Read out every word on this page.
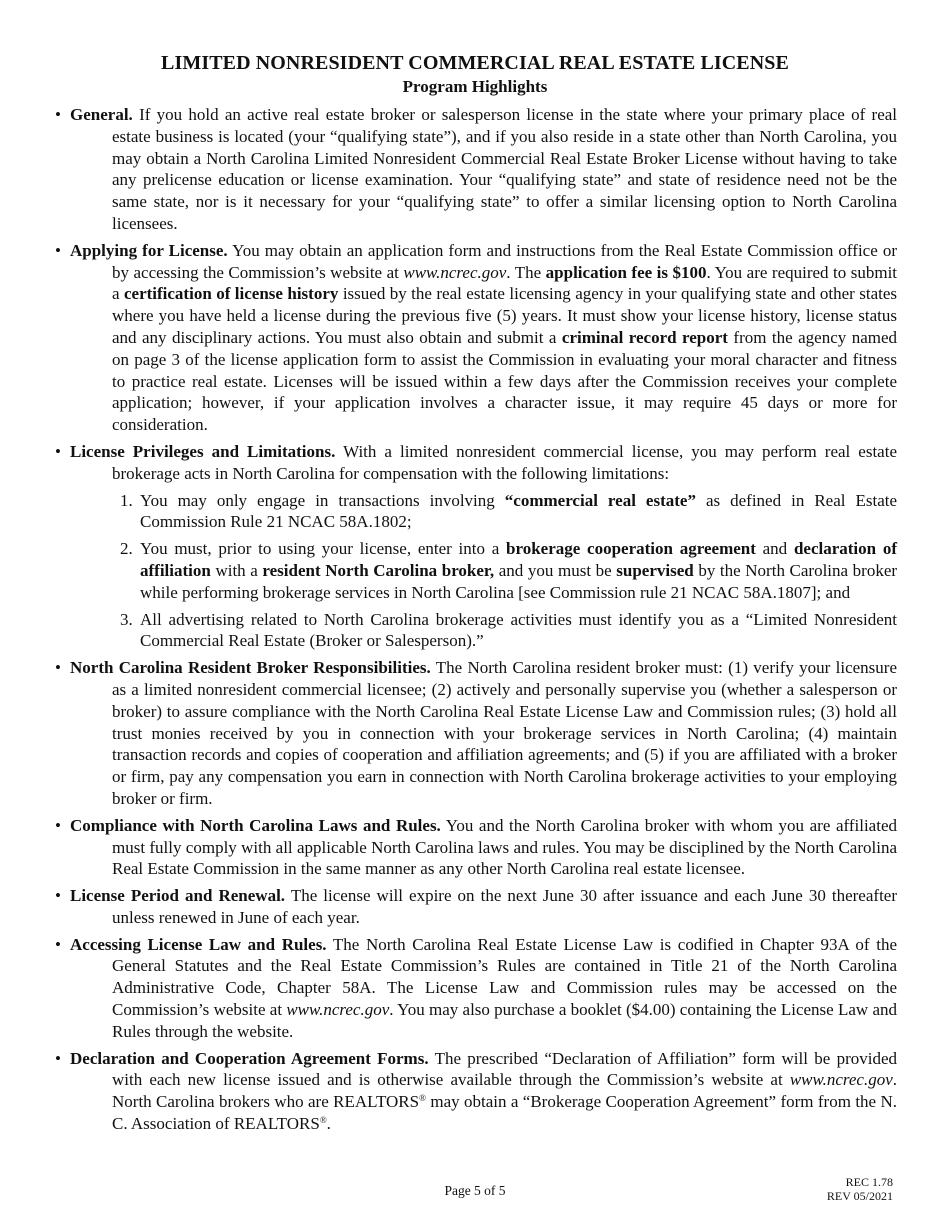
LIMITED NONRESIDENT COMMERCIAL REAL ESTATE LICENSE
Program Highlights
• General. If you hold an active real estate broker or salesperson license in the state where your primary place of real estate business is located (your “qualifying state”), and if you also reside in a state other than North Carolina, you may obtain a North Carolina Limited Nonresident Commercial Real Estate Broker License without having to take any prelicense education or license examination. Your “qualifying state” and state of residence need not be the same state, nor is it necessary for your “qualifying state” to offer a similar licensing option to North Carolina licensees.
• Applying for License. You may obtain an application form and instructions from the Real Estate Commission office or by accessing the Commission’s website at www.ncrec.gov. The application fee is $100. You are required to submit a certification of license history issued by the real estate licensing agency in your qualifying state and other states where you have held a license during the previous five (5) years. It must show your license history, license status and any disciplinary actions. You must also obtain and submit a criminal record report from the agency named on page 3 of the license application form to assist the Commission in evaluating your moral character and fitness to practice real estate. Licenses will be issued within a few days after the Commission receives your complete application; however, if your application involves a character issue, it may require 45 days or more for consideration.
• License Privileges and Limitations. With a limited nonresident commercial license, you may perform real estate brokerage acts in North Carolina for compensation with the following limitations:
1. You may only engage in transactions involving “commercial real estate” as defined in Real Estate Commission Rule 21 NCAC 58A.1802;
2. You must, prior to using your license, enter into a brokerage cooperation agreement and declaration of affiliation with a resident North Carolina broker, and you must be supervised by the North Carolina broker while performing brokerage services in North Carolina [see Commission rule 21 NCAC 58A.1807]; and
3. All advertising related to North Carolina brokerage activities must identify you as a “Limited Nonresident Commercial Real Estate (Broker or Salesperson).”
• North Carolina Resident Broker Responsibilities. The North Carolina resident broker must: (1) verify your licensure as a limited nonresident commercial licensee; (2) actively and personally supervise you (whether a salesperson or broker) to assure compliance with the North Carolina Real Estate License Law and Commission rules; (3) hold all trust monies received by you in connection with your brokerage services in North Carolina; (4) maintain transaction records and copies of cooperation and affiliation agreements; and (5) if you are affiliated with a broker or firm, pay any compensation you earn in connection with North Carolina brokerage activities to your employing broker or firm.
• Compliance with North Carolina Laws and Rules. You and the North Carolina broker with whom you are affiliated must fully comply with all applicable North Carolina laws and rules. You may be disciplined by the North Carolina Real Estate Commission in the same manner as any other North Carolina real estate licensee.
• License Period and Renewal. The license will expire on the next June 30 after issuance and each June 30 thereafter unless renewed in June of each year.
• Accessing License Law and Rules. The North Carolina Real Estate License Law is codified in Chapter 93A of the General Statutes and the Real Estate Commission’s Rules are contained in Title 21 of the North Carolina Administrative Code, Chapter 58A. The License Law and Commission rules may be accessed on the Commission’s website at www.ncrec.gov. You may also purchase a booklet ($4.00) containing the License Law and Rules through the website.
• Declaration and Cooperation Agreement Forms. The prescribed “Declaration of Affiliation” form will be provided with each new license issued and is otherwise available through the Commission’s website at www.ncrec.gov. North Carolina brokers who are REALTORS® may obtain a “Brokerage Cooperation Agreement” form from the N. C. Association of REALTORS®.
Page 5 of 5
REC 1.78
REV 05/2021
